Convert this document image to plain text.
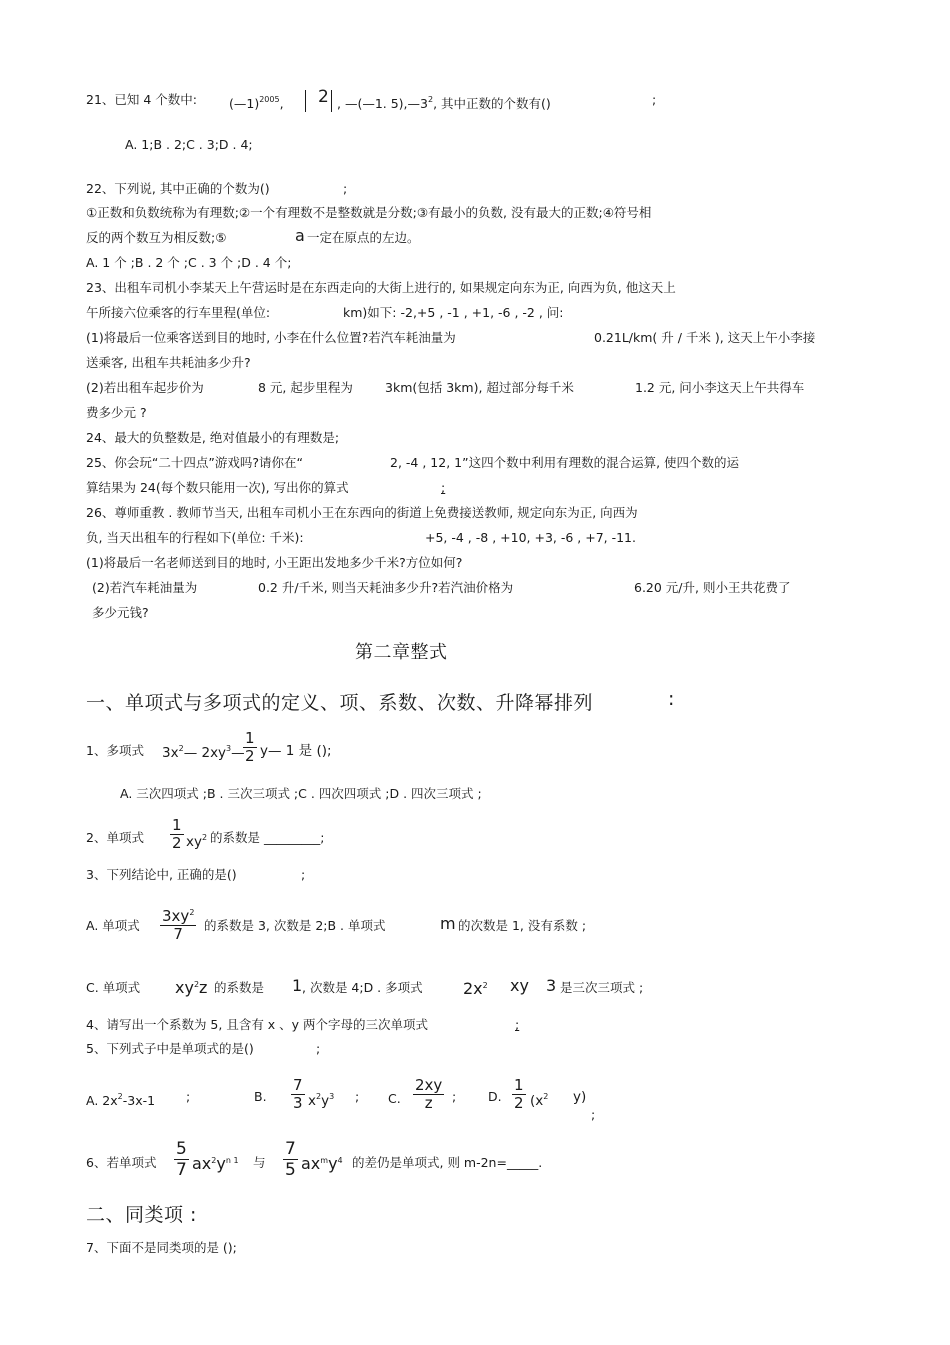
21、已知 4 个数中:	(—1)$^{2005}$, 2 , —(—1. $5),—3^2$, 其中正数的个数有()	;
A. 1;B . 2;C . 3;D . 4;
22、下列说, 其中正确的个数为()	;
①正数和负数统称为有理数;②一个有理数不是整数就是分数;③有最小的负数, 没有最大的正数;④符号相
反的两个数互为相反数;⑤	a 一定在原点的左边。
A. 1 个 ;B . 2 个 ;C . 3 个 ;D . 4 个;
23、出租车司机小李某天上午营运时是在东西走向的大街上进行的, 如果规定向东为正, 向西为负, 他这天上
午所接六位乘客的行车里程(单位:	km)如下: -2,+5 , -1 , +1, -6 , -2 , 问:
(1)将最后一位乘客送到目的地时, 小李在什么位置?若汽车耗油量为	0.21L/km( 升 / 千米 ), 这天上午小李接
送乘客, 出租车共耗油多少升?
(2)若出租车起步价为	8 元, 起步里程为	3km(包括 3km), 超过部分每千米	1.2 元, 问小李这天上午共得车
费多少元 ?
24、最大的负整数是, 绝对值最小的有理数是;
25、你会玩“二十四点”游戏吗?请你在“	2, -4 , 12, 1”这四个数中利用有理数的混合运算, 使四个数的运
算结果为 24(每个数只能用一次), 写出你的算式	;
26、尊师重教 . 教师节当天, 出租车司机小王在东西向的街道上免费接送教师, 规定向东为正, 向西为
负, 当天出租车的行程如下(单位: 千米):	+5, -4 , -8 , +10, +3, -6 , +7, -11.
(1)将最后一名老师送到目的地时, 小王距出发地多少千米?方位如何?
(2)若汽车耗油量为	0.2 升/千米, 则当天耗油多少升?若汽油价格为	6.20 元/升, 则小王共花费了
多少元钱?
第二章整式
一、单项式与多项式的定义、项、系数、次数、升降幂排列	:
1、多项式 $3x^2—$ $2xy^3—$
$\frac{1}{2}$ y— 1 是 ();
A. 三次四项式 ;B . 三次三项式 ;C . 四次四项式 ;D . 四次三项式 ;
2、单项式 $\frac{1}{2} xy^2$ 的系数是 _________;
3、下列结论中, 正确的是()	;
A. 单项式 $\frac{3xy^2}{7}$ 的系数是 3, 次数是 2;B . 单项式	m 的次数是 1, 没有系数 ;
C. 单项式 $xy^2z$ 的系数是 1 , 次数是 4;D . 多项式	$2x^2$ xy 3 是三次三项式 ;
4、请写出一个系数为 5, 且含有 x 、y 两个字母的三次单项式	;
5、下列式子中是单项式的是()	;
A. $2x^2-3x-1$ ;	B. $\frac{7}{3} x^2y^3$ ; C. $\frac{2xy}{z}$ ;	D. $\frac{1}{2} (x^2$ y)
;
6、若单项式 $\frac{5}{7} ax^2y^{n 1}$ 与 $\frac{7}{5} ax^my^4$ 的差仍是单项式, 则 m-2n=_____.
二、同类项 :
7、下面不是同类项的是 ();
